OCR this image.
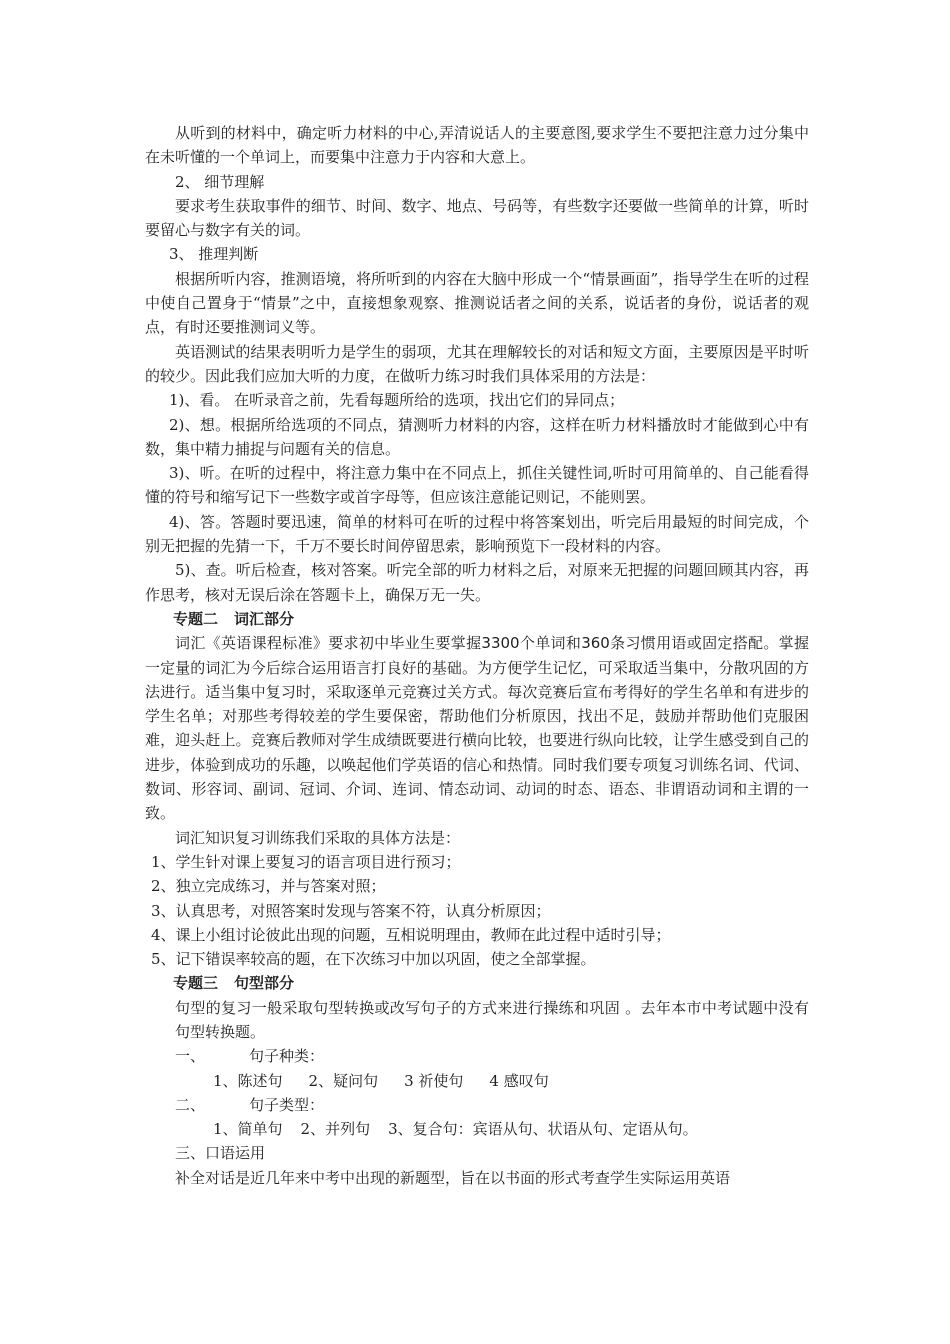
从听到的材料中，确定听力材料的中心,弄清说话人的主要意图,要求学生不要把注意力过分集中在未听懂的一个单词上，而要集中注意力于内容和大意上。

2、 细节理解

要求考生获取事件的细节、时间、数字、地点、号码等，有些数字还要做一些简单的计算，听时要留心与数字有关的词。

3、 推理判断

根据所听内容，推测语境，将所听到的内容在大脑中形成一个“情景画面”，指导学生在听的过程中使自己置身于“情景”之中，直接想象观察、推测说话者之间的关系，说话者的身份，说话者的观点，有时还要推测词义等。

英语测试的结果表明听力是学生的弱项，尤其在理解较长的对话和短文方面，主要原因是平时听的较少。因此我们应加大听的力度，在做听力练习时我们具体采用的方法是：

1)、看。 在听录音之前，先看每题所给的选项，找出它们的异同点；

2)、想。根据所给选项的不同点，猜测听力材料的内容，这样在听力材料播放时才能做到心中有数，集中精力捕捉与问题有关的信息。

3)、听。在听的过程中，将注意力集中在不同点上，抓住关键性词,听时可用简单的、自己能看得懂的符号和缩写记下一些数字或首字母等，但应该注意能记则记，不能则罢。

4)、答。答题时要迅速，简单的材料可在听的过程中将答案划出，听完后用最短的时间完成，个别无把握的先猜一下，千万不要长时间停留思索，影响预览下一段材料的内容。

5)、查。听后检查，核对答案。听完全部的听力材料之后，对原来无把握的问题回顾其内容，再作思考，核对无误后涂在答题卡上，确保万无一失。

专题二 词汇部分

词汇《英语课程标准》要求初中毕业生要掌握3300个单词和360条习惯用语或固定搭配。掌握一定量的词汇为今后综合运用语言打良好的基础。为方便学生记忆，可采取适当集中，分散巩固的方法进行。适当集中复习时，采取逐单元竞赛过关方式。每次竞赛后宣布考得好的学生名单和有进步的学生名单；对那些考得较差的学生要保密，帮助他们分析原因，找出不足，鼓励并帮助他们克服困难，迎头赶上。竞赛后教师对学生成绩既要进行横向比较，也要进行纵向比较，让学生感受到自己的进步，体验到成功的乐趣，以唤起他们学英语的信心和热情。同时我们要专项复习训练名词、代词、数词、形容词、副词、冠词、介词、连词、情态动词、动词的时态、语态、非谓语动词和主谓的一致。

词汇知识复习训练我们采取的具体方法是：

1、学生针对课上要复习的语言项目进行预习；

2、独立完成练习，并与答案对照；

3、认真思考，对照答案时发现与答案不符，认真分析原因；

4、课上小组讨论彼此出现的问题，互相说明理由，教师在此过程中适时引导；

5、记下错误率较高的题，在下次练习中加以巩固，使之全部掌握。

专题三 句型部分

句型的复习一般采取句型转换或改写句子的方式来进行操练和巩固 。去年本市中考试题中没有句型转换题。

一、	句子种类：

1、陈述句 2、疑问句 3 祈使句 4 感叹句

二、	句子类型：

1、简单句 2、并列句 3、复合句：宾语从句、状语从句、定语从句。

三、口语运用

补全对话是近几年来中考中出现的新题型，旨在以书面的形式考查学生实际运用英语
